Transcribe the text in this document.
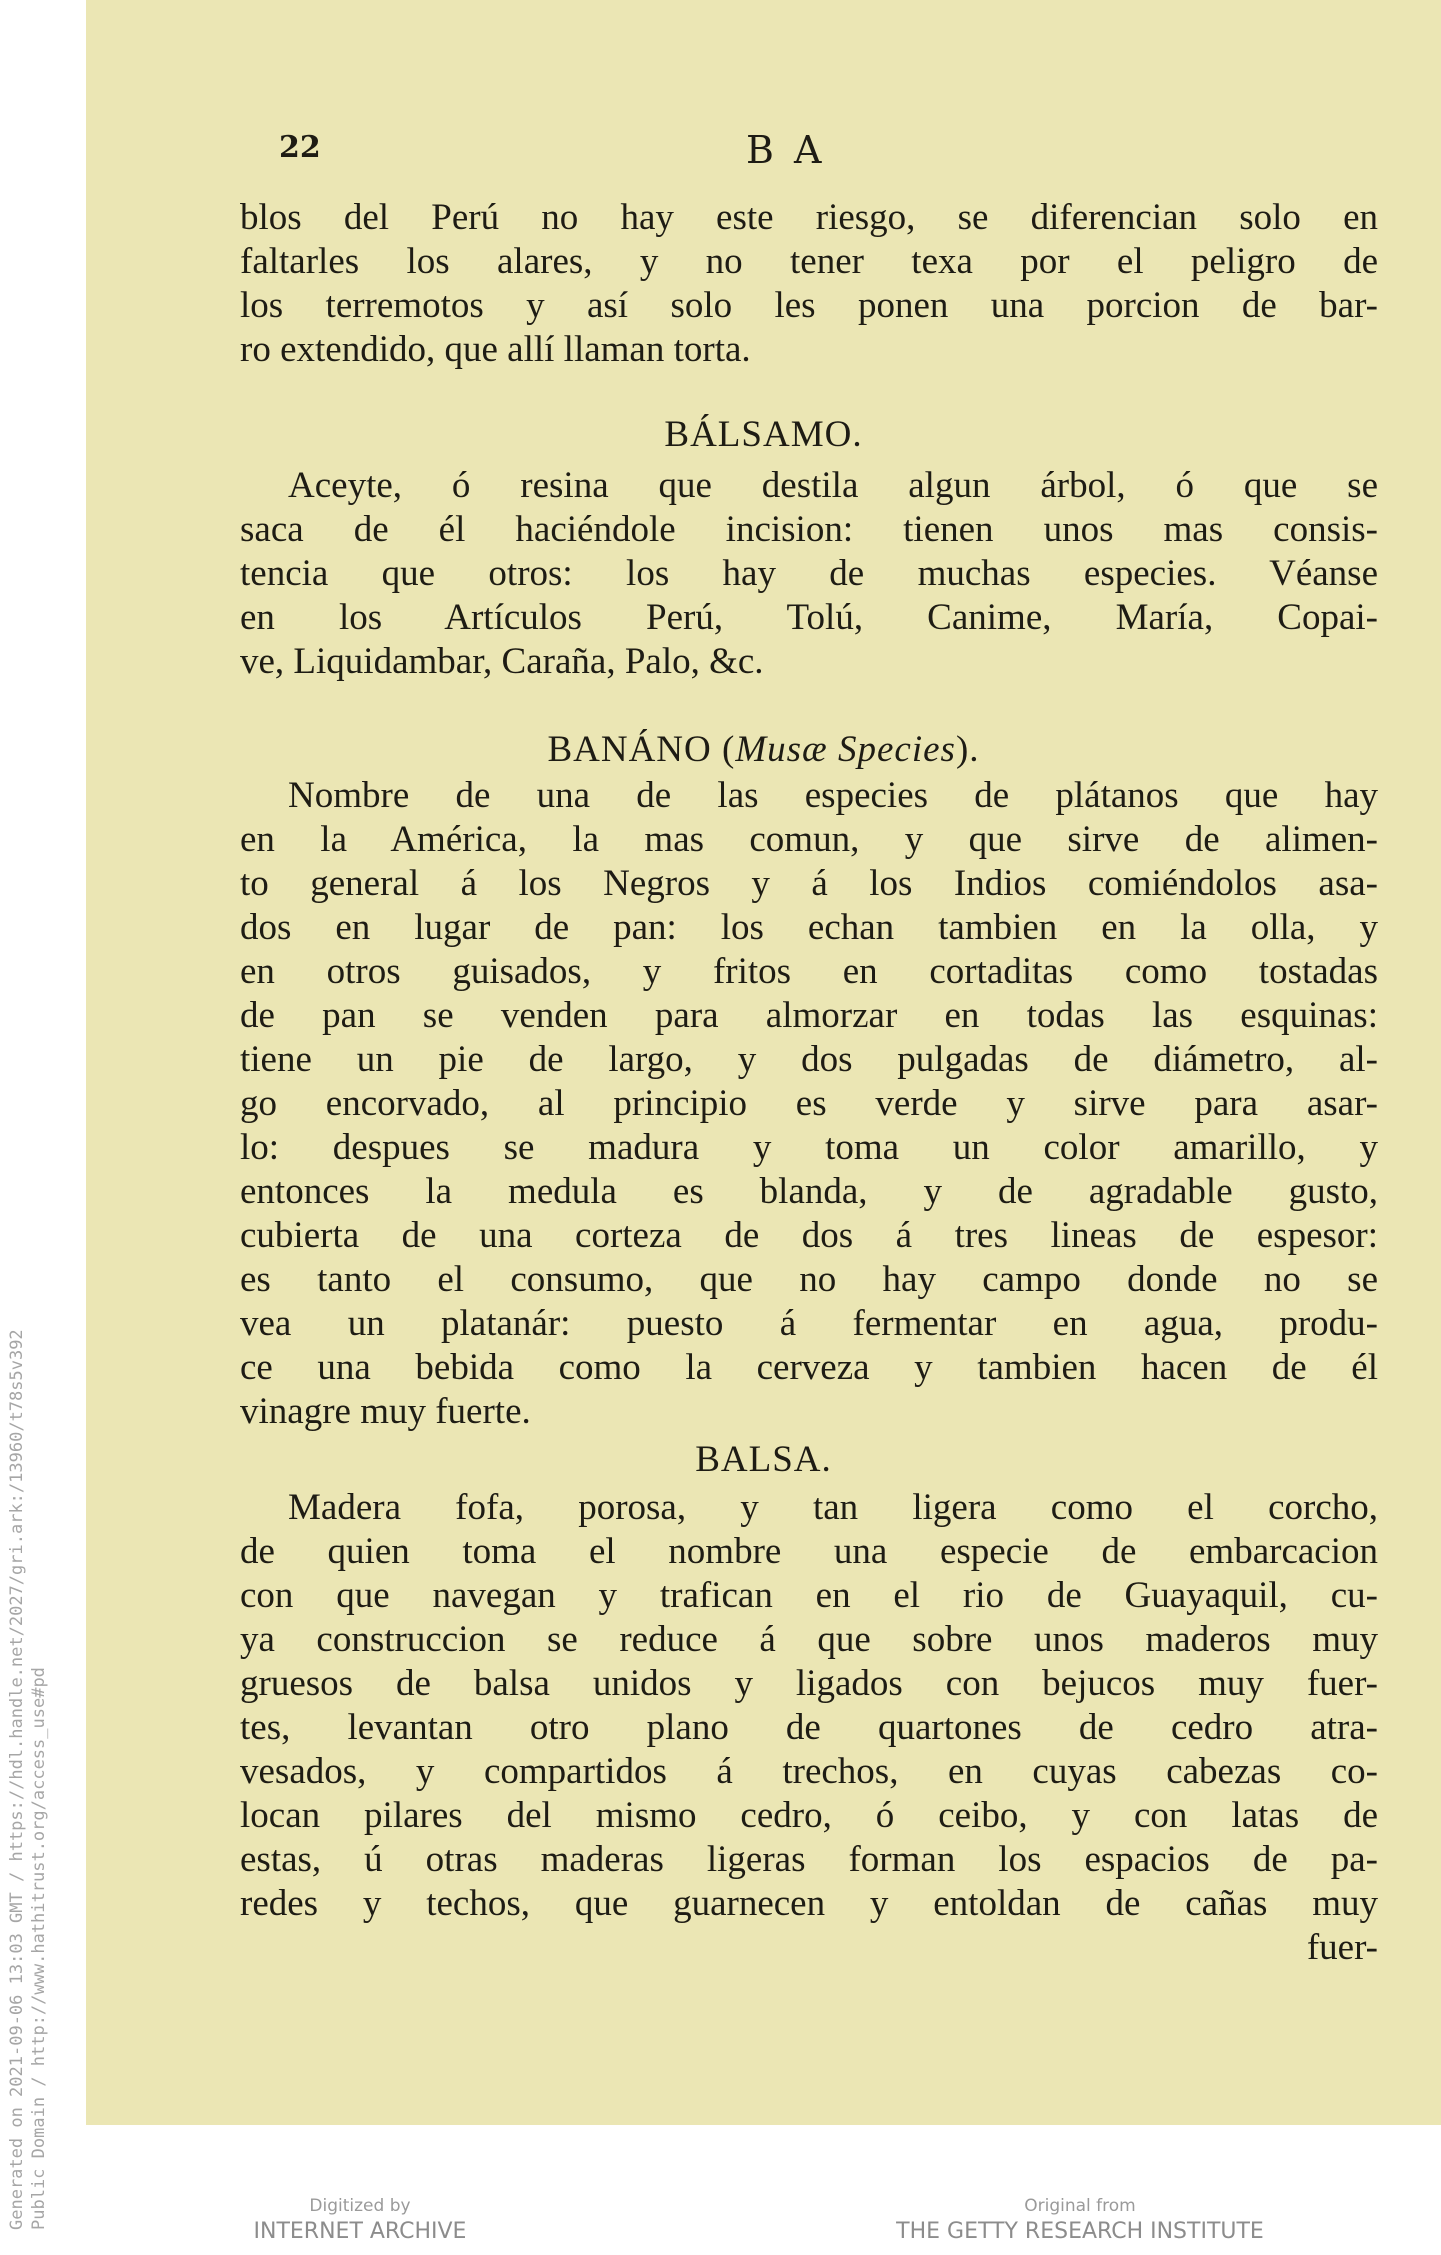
Generated on 2021-09-06 13:03 GMT / https://hdl.handle.net/2027/gri.ark:/13960/t78s5v392 Public Domain / http://www.hathitrust.org/access_use#pd
22	B A
blos del Perú no hay este riesgo, se diferencian solo en
faltarles los alares, y no tener texa por el peligro de
los terremotos y así solo les ponen una porcion de bar-
ro extendido, que allí llaman torta.
BÁLSAMO.
Aceyte, ó resina que destila algun árbol, ó que se
saca de él haciéndole incision: tienen unos mas consis-
tencia que otros: los hay de muchas especies. Véanse
en los Artículos Perú, Tolú, Canime, María, Copai-
ve, Liquidambar, Caraña, Palo, &c.
BANÁNO (Musæ Species).
Nombre de una de las especies de plátanos que hay
en la América, la mas comun, y que sirve de alimen-
to general á los Negros y á los Indios comiéndolos asa-
dos en lugar de pan: los echan tambien en la olla, y
en otros guisados, y fritos en cortaditas como tostadas
de pan se venden para almorzar en todas las esquinas:
tiene un pie de largo, y dos pulgadas de diámetro, al-
go encorvado, al principio es verde y sirve para asar-
lo: despues se madura y toma un color amarillo, y
entonces la medula es blanda, y de agradable gusto,
cubierta de una corteza de dos á tres lineas de espesor:
es tanto el consumo, que no hay campo donde no se
vea un platanár: puesto á fermentar en agua, produ-
ce una bebida como la cerveza y tambien hacen de él
vinagre muy fuerte.
BALSA.
Madera fofa, porosa, y tan ligera como el corcho,
de quien toma el nombre una especie de embarcacion
con que navegan y trafican en el rio de Guayaquil, cu-
ya construccion se reduce á que sobre unos maderos muy
gruesos de balsa unidos y ligados con bejucos muy fuer-
tes, levantan otro plano de quartones de cedro atra-
vesados, y compartidos á trechos, en cuyas cabezas co-
locan pilares del mismo cedro, ó ceibo, y con latas de
estas, ú otras maderas ligeras forman los espacios de pa-
redes y techos, que guarnecen y entoldan de cañas muy
fuer-
Digitized by
INTERNET ARCHIVE
Original from
THE GETTY RESEARCH INSTITUTE
